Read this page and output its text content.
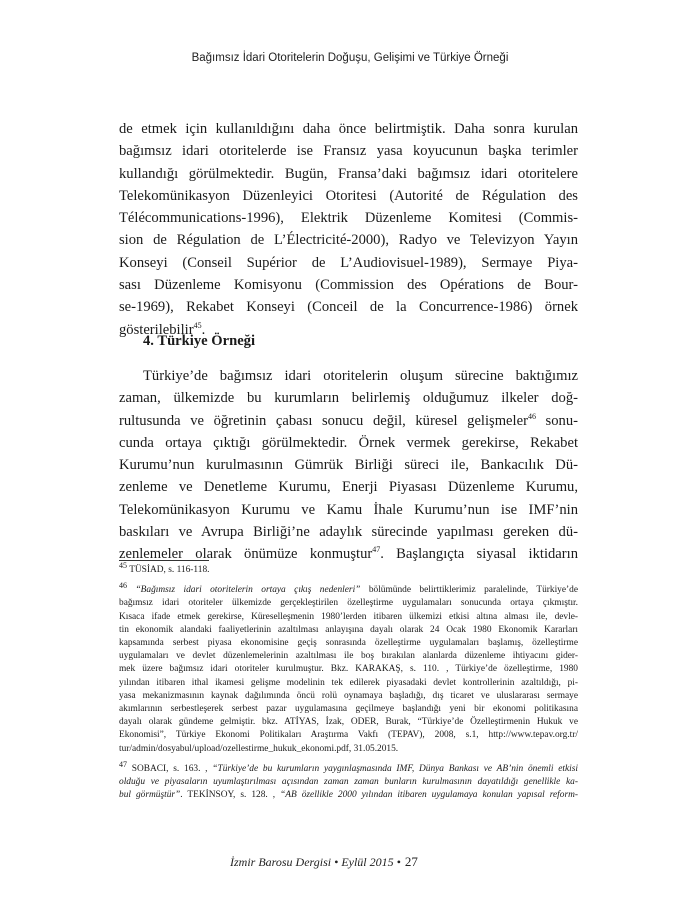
Bağımsız İdari Otoritelerin Doğuşu, Gelişimi ve Türkiye Örneği

de etmek için kullanıldığını daha önce belirtmiştik. Daha sonra kurulan
bağımsız idari otoritelerde ise Fransız yasa koyucunun başka terimler
kullandığı görülmektedir. Bugün, Fransa’daki bağımsız idari otoritelere
Telekomünikasyon Düzenleyici Otoritesi (Autorité de Régulation des
Télécommunications-1996), Elektrik Düzenleme Komitesi (Commis-
sion de Régulation de L’Électricité-2000), Radyo ve Televizyon Yayın
Konseyi (Conseil Supérior de L’Audiovisuel-1989), Sermaye Piya-
sası Düzenleme Komisyonu (Commission des Opérations de Bour-
se-1969), Rekabet Konseyi (Conceil de la Concurrence-1986) örnek
gösterilebilir$^{45}$.

4. Türkiye Örneği

Türkiye’de bağımsız idari otoritelerin oluşum sürecine baktığımız
zaman, ülkemizde bu kurumların belirlemiş olduğumuz ilkeler doğ-
rultusunda ve öğretinin çabası sonucu değil, küresel gelişmeler$^{46}$ sonu-
cunda ortaya çıktığı görülmektedir. Örnek vermek gerekirse, Rekabet
Kurumu’nun kurulmasının Gümrük Birliği süreci ile, Bankacılık Dü-
zenleme ve Denetleme Kurumu, Enerji Piyasası Düzenleme Kurumu,
Telekomünikasyon Kurumu ve Kamu İhale Kurumu’nun ise IMF’nin
baskıları ve Avrupa Birliği’ne adaylık sürecinde yapılması gereken dü-
zenlemeler olarak önümüze konmuştur$^{47}$. Başlangıçta siyasal iktidarın

$^{45}$ TÜSİAD, s. 116-118.

$^{46}$ “Bağımsız idari otoritelerin ortaya çıkış nedenleri” bölümünde belirttiklerimiz paralelinde, Türkiye’de
bağımsız idari otoriteler ülkemizde gerçekleştirilen özelleştirme uygulamaları sonucunda ortaya çıkmıştır.
Kısaca ifade etmek gerekirse, Küreselleşmenin 1980’lerden itibaren ülkemizi etkisi altına alması ile, devle-
tin ekonomik alandaki faaliyetlerinin azaltılması anlayışına dayalı olarak 24 Ocak 1980 Ekonomik Kararları
kapsamında serbest piyasa ekonomisine geçiş sonrasında özelleştirme uygulamaları başlamış, özelleştirme
uygulamaları ve devlet düzenlemelerinin azaltılması ile boş bırakılan alanlarda düzenleme ihtiyacını gider-
mek üzere bağımsız idari otoriteler kurulmuştur. Bkz. KARAKAŞ, s. 110. , Türkiye’de özelleştirme, 1980
yılından itibaren ithal ikamesi gelişme modelinin tek edilerek piyasadaki devlet kontrollerinin azaltıldığı, pi-
yasa mekanizmasının kaynak dağılımında öncü rolü oynamaya başladığı, dış ticaret ve uluslararası sermaye
akımlarının serbestleşerek serbest pazar uygulamasına geçilmeye başlandığı yeni bir ekonomi politikasına
dayalı olarak gündeme gelmiştir. bkz. ATİYAS, İzak, ODER, Burak, “Türkiye’de Özelleştirmenin Hukuk ve
Ekonomisi”, Türkiye Ekonomi Politikaları Araştırma Vakfı (TEPAV), 2008, s.1, http://www.tepav.org.tr/
tur/admin/dosyabul/upload/ozellestirme_hukuk_ekonomi.pdf, 31.05.2015.

$^{47}$ SOBACI, s. 163. , “Türkiye’de bu kurumların yaygınlaşmasında IMF, Dünya Bankası ve AB’nin önemli etkisi
olduğu ve piyasaların uyumlaştırılması açısından zaman zaman bunların kurulmasının dayatıldığı genellikle ka-
bul görmüştür”. TEKİNSOY, s. 128. , “AB özellikle 2000 yılından itibaren uygulamaya konulan yapısal reform-

İzmir Barosu Dergisi • Eylül 2015 • 27
